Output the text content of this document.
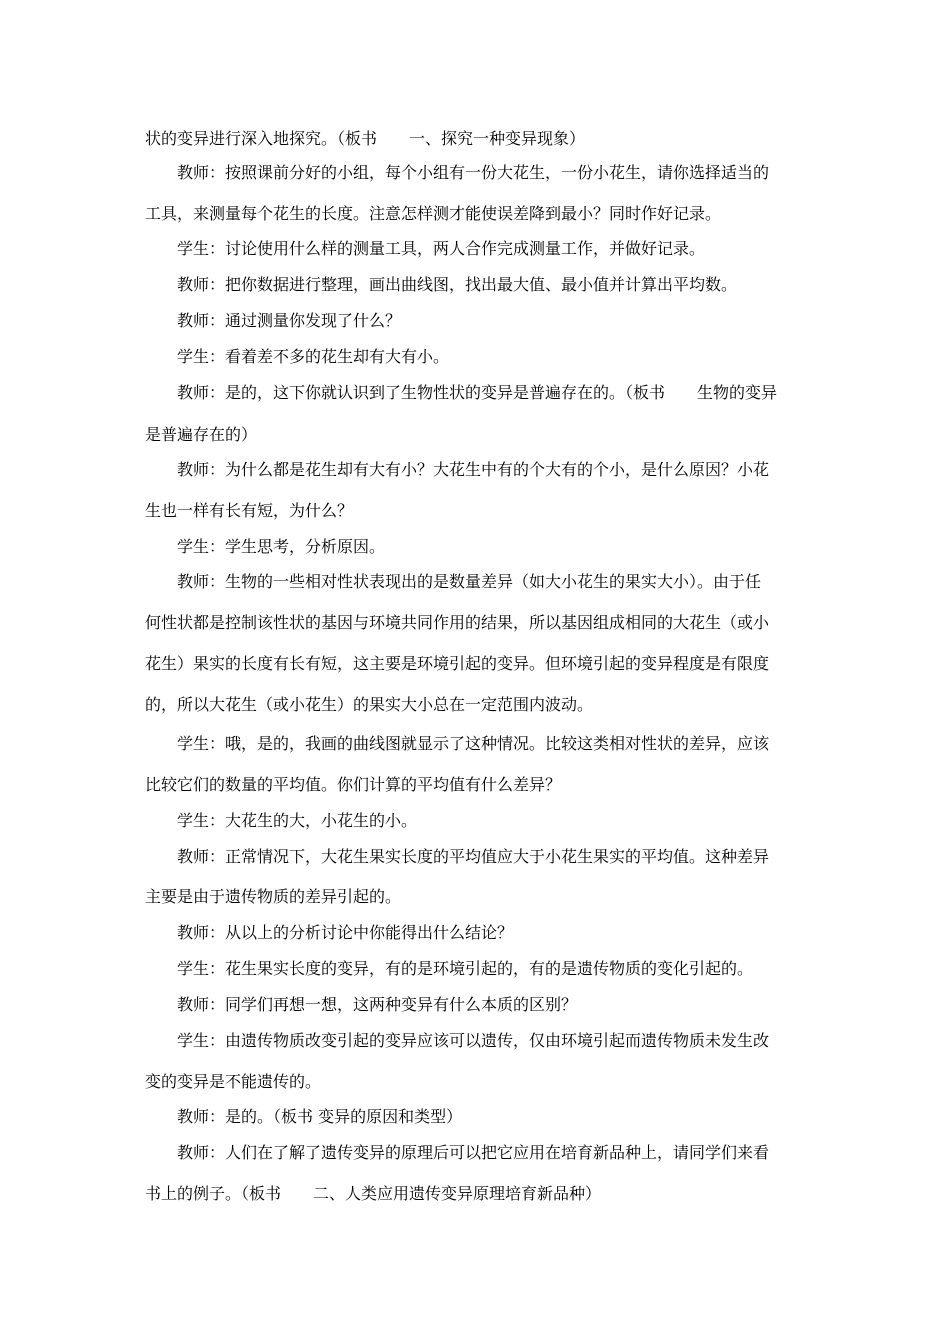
状的变异进行深入地探究。（板书　　一、探究一种变异现象）

教师：按照课前分好的小组，每个小组有一份大花生，一份小花生，请你选择适当的

工具，来测量每个花生的长度。注意怎样测才能使误差降到最小？同时作好记录。

学生：讨论使用什么样的测量工具，两人合作完成测量工作，并做好记录。

教师：把你数据进行整理，画出曲线图，找出最大值、最小值并计算出平均数。

教师：通过测量你发现了什么？

学生：看着差不多的花生却有大有小。

教师：是的，这下你就认识到了生物性状的变异是普遍存在的。（板书　　生物的变异

是普遍存在的）

教师：为什么都是花生却有大有小？大花生中有的个大有的个小，是什么原因？小花

生也一样有长有短，为什么？

学生：学生思考，分析原因。

教师：生物的一些相对性状表现出的是数量差异（如大小花生的果实大小）。由于任

何性状都是控制该性状的基因与环境共同作用的结果，所以基因组成相同的大花生（或小

花生）果实的长度有长有短，这主要是环境引起的变异。但环境引起的变异程度是有限度

的，所以大花生（或小花生）的果实大小总在一定范围内波动。

学生：哦，是的，我画的曲线图就显示了这种情况。比较这类相对性状的差异，应该

比较它们的数量的平均值。你们计算的平均值有什么差异？

学生：大花生的大，小花生的小。

教师：正常情况下，大花生果实长度的平均值应大于小花生果实的平均值。这种差异

主要是由于遗传物质的差异引起的。

教师：从以上的分析讨论中你能得出什么结论？

学生：花生果实长度的变异，有的是环境引起的，有的是遗传物质的变化引起的。

教师：同学们再想一想，这两种变异有什么本质的区别？

学生：由遗传物质改变引起的变异应该可以遗传，仅由环境引起而遗传物质未发生改

变的变异是不能遗传的。

教师：是的。（板书 变异的原因和类型）

教师：人们在了解了遗传变异的原理后可以把它应用在培育新品种上，请同学们来看

书上的例子。（板书　　二、人类应用遗传变异原理培育新品种）
